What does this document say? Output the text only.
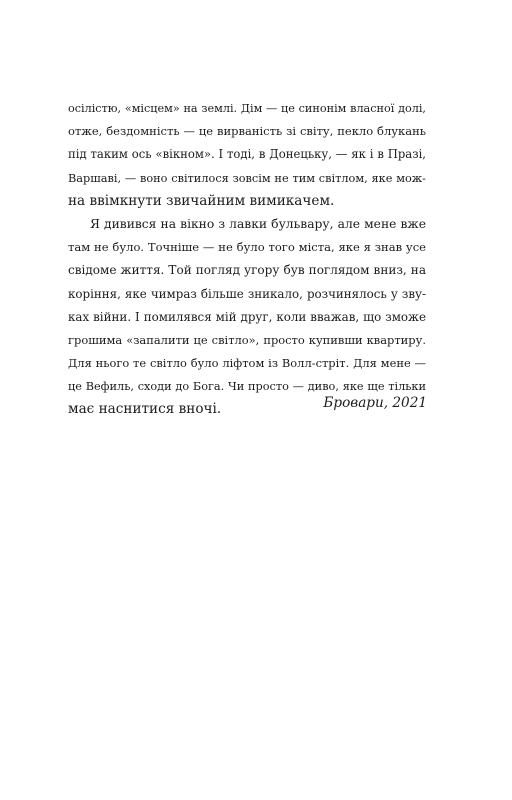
осілістю, «місцем» на землі. Дім — це синонім власної долі,
отже, бездомність — це вирваність зі світу, пекло блукань
під таким ось «вікном». І тоді, в Донецьку, — як і в Празі,
Варшаві, — воно світилося зовсім не тим світлом, яке мож-
на ввімкнути звичайним вимикачем.
Я дивився на вікно з лавки бульвару, але мене вже
там не було. Точніше — не було того міста, яке я знав усе
свідоме життя. Той погляд угору був поглядом вниз, на
коріння, яке чимраз більше зникало, розчинялось у зву-
ках війни. І помилявся мій друг, коли вважав, що зможе
грошима «запалити це світло», просто купивши квартиру.
Для нього те світло було ліфтом із Волл-стріт. Для мене —
це Вефиль, сходи до Бога. Чи просто — диво, яке ще тільки
має наснитися вночі.	Бровари, 2021
